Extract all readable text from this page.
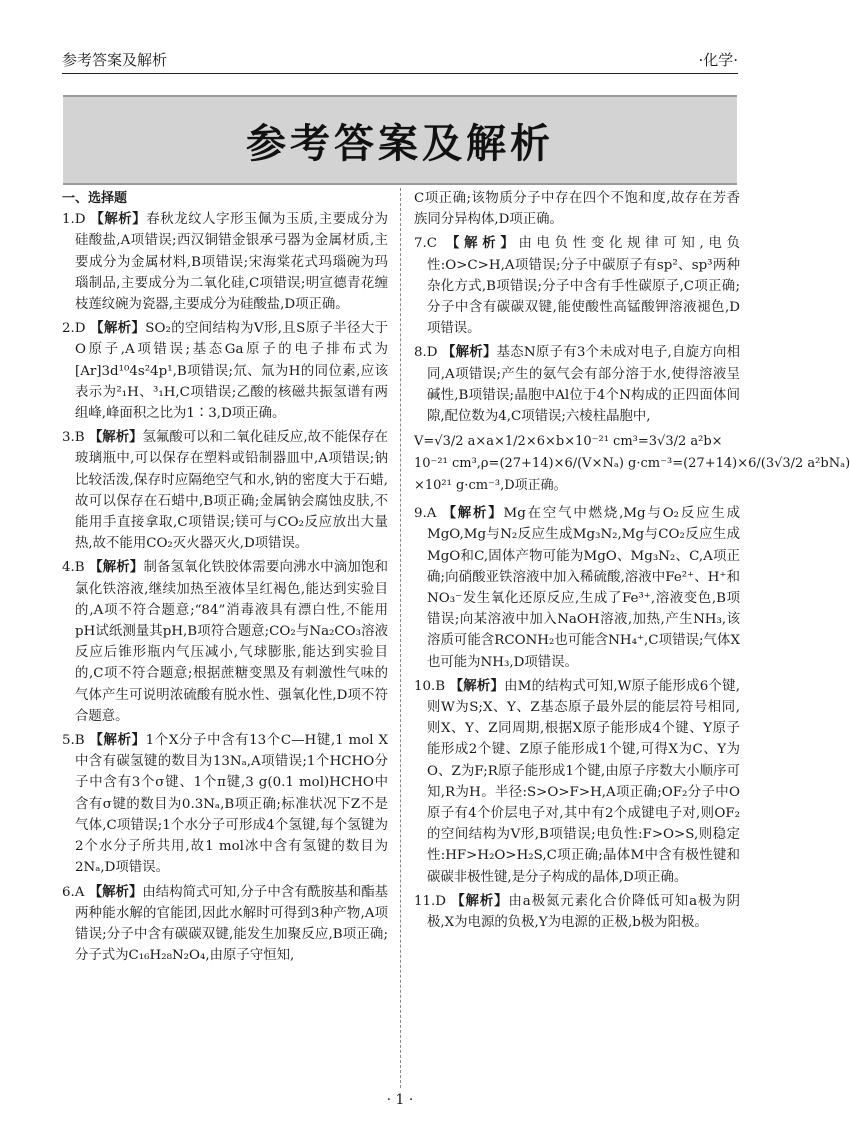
参考答案及解析	·化学·
参考答案及解析
一、选择题

1.D 【解析】春秋龙纹人字形玉佩为玉质,主要成分为硅酸盐,A项错误;西汉铜错金银承弓器为金属材质,主要成分为金属材料,B项错误;宋海棠花式玛瑙碗为玛瑙制品,主要成分为二氧化硅,C项错误;明宣德青花缠枝莲纹碗为瓷器,主要成分为硅酸盐,D项正确。

2.D 【解析】SO₂的空间结构为V形,且S原子半径大于O原子,A项错误;基态Ga原子的电子排布式为[Ar]3d¹⁰4s²4p¹,B项错误;氘、氚为H的同位素,应该表示为²₁H、³₁H,C项错误;乙酸的核磁共振氢谱有两组峰,峰面积之比为1∶3,D项正确。

3.B 【解析】氢氟酸可以和二氧化硅反应,故不能保存在玻璃瓶中,可以保存在塑料或铅制器皿中,A项错误;钠比较活泼,保存时应隔绝空气和水,钠的密度大于石蜡,故可以保存在石蜡中,B项正确;金属钠会腐蚀皮肤,不能用手直接拿取,C项错误;镁可与CO₂反应放出大量热,故不能用CO₂灭火器灭火,D项错误。

4.B 【解析】制备氢氧化铁胶体需要向沸水中滴加饱和氯化铁溶液,继续加热至液体呈红褐色,能达到实验目的,A项不符合题意;“84”消毒液具有漂白性,不能用pH试纸测量其pH,B项符合题意;CO₂与Na₂CO₃溶液反应后锥形瓶内气压减小,气球膨胀,能达到实验目的,C项不符合题意;根据蔗糖变黑及有刺激性气味的气体产生可说明浓硫酸有脱水性、强氧化性,D项不符合题意。

5.B 【解析】1个X分子中含有13个C—H键,1 mol X中含有碳氢键的数目为13Nₐ,A项错误;1个HCHO分子中含有3个σ键、1个π键,3 g(0.1 mol)HCHO中含有σ键的数目为0.3Nₐ,B项正确;标准状况下Z不是气体,C项错误;1个水分子可形成4个氢键,每个氢键为2个水分子所共用,故1 mol冰中含有氢键的数目为2Nₐ,D项错误。

6.A 【解析】由结构简式可知,分子中含有酰胺基和酯基两种能水解的官能团,因此水解时可得到3种产物,A项错误;分子中含有碳碳双键,能发生加聚反应,B项正确;分子式为C₁₆H₂₈N₂O₄,由原子守恒知,

C项正确;该物质分子中存在四个不饱和度,故存在芳香族同分异构体,D项正确。

7.C 【解析】由电负性变化规律可知,电负性:O>C>H,A项错误;分子中碳原子有sp²、sp³两种杂化方式,B项错误;分子中含有手性碳原子,C项正确;分子中含有碳碳双键,能使酸性高锰酸钾溶液褪色,D项错误。

8.D 【解析】基态N原子有3个未成对电子,自旋方向相同,A项错误;产生的氨气会有部分溶于水,使得溶液呈碱性,B项错误;晶胞中Al位于4个N构成的正四面体间隙,配位数为4,C项错误;六棱柱晶胞中,

V=√3/2 a×a×1/2×6×b×10⁻²¹ cm³=3√3/2 a²b×
10⁻²¹ cm³,ρ=(27+14)×6/(V×Nₐ) g·cm⁻³=(27+14)×6/(3√3/2 a²bNₐ)
×10²¹ g·cm⁻³,D项正确。

9.A 【解析】Mg在空气中燃烧,Mg与O₂反应生成MgO,Mg与N₂反应生成Mg₃N₂,Mg与CO₂反应生成MgO和C,固体产物可能为MgO、Mg₃N₂、C,A项正确;向硝酸亚铁溶液中加入稀硫酸,溶液中Fe²⁺、H⁺和NO₃⁻发生氧化还原反应,生成了Fe³⁺,溶液变色,B项错误;向某溶液中加入NaOH溶液,加热,产生NH₃,该溶质可能含RCONH₂也可能含NH₄⁺,C项错误;气体X也可能为NH₃,D项错误。

10.B 【解析】由M的结构式可知,W原子能形成6个键,则W为S;X、Y、Z基态原子最外层的能层符号相同,则X、Y、Z同周期,根据X原子能形成4个键、Y原子能形成2个键、Z原子能形成1个键,可得X为C、Y为O、Z为F;R原子能形成1个键,由原子序数大小顺序可知,R为H。半径:S>O>F>H,A项正确;OF₂分子中O原子有4个价层电子对,其中有2个成键电子对,则OF₂的空间结构为V形,B项错误;电负性:F>O>S,则稳定性:HF>H₂O>H₂S,C项正确;晶体M中含有极性键和碳碳非极性键,是分子构成的晶体,D项正确。

11.D 【解析】由a极氮元素化合价降低可知a极为阴极,X为电源的负极,Y为电源的正极,b极为阳极。

· 1 ·
